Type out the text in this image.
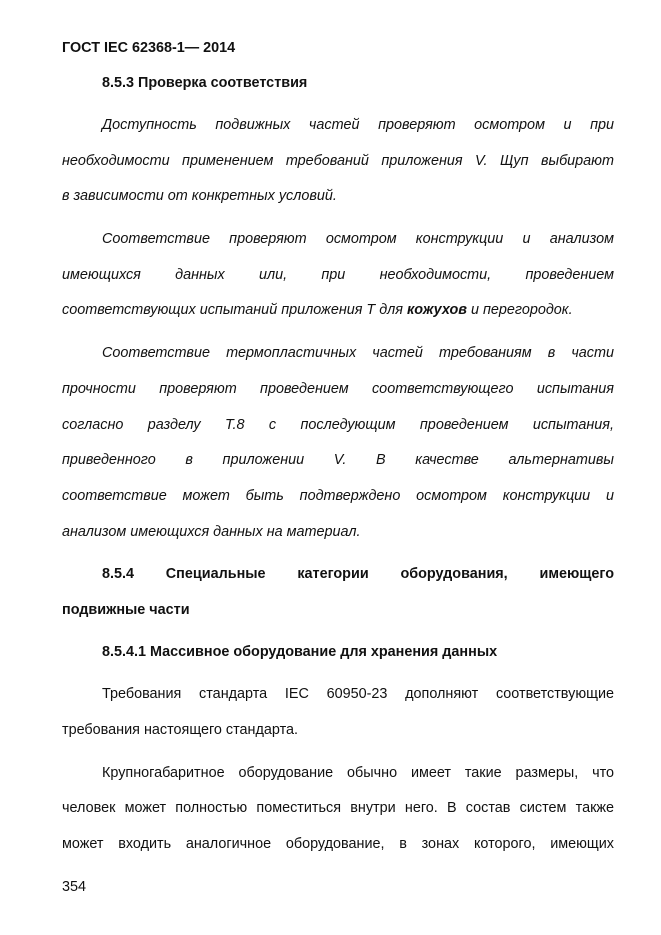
ГОСТ IEC 62368-1— 2014
8.5.3 Проверка соответствия
Доступность подвижных частей проверяют осмотром и при
необходимости применением требований приложения V. Щуп выбирают
в зависимости от конкретных условий.
Соответствие проверяют осмотром конструкции и анализом
имеющихся данных или, при необходимости, проведением
соответствующих испытаний приложения T для кожухов и перегородок.
Соответствие термопластичных частей требованиям в части
прочности проверяют проведением соответствующего испытания
согласно разделу T.8 с последующим проведением испытания,
приведенного в приложении V. В качестве альтернативы
соответствие может быть подтверждено осмотром конструкции и
анализом имеющихся данных на материал.
8.5.4 Специальные категории оборудования, имеющего
подвижные части
8.5.4.1 Массивное оборудование для хранения данных
Требования стандарта IEC 60950-23 дополняют соответствующие
требования настоящего стандарта.
Крупногабаритное оборудование обычно имеет такие размеры, что
человек может полностью поместиться внутри него. В состав систем также
может входить аналогичное оборудование, в зонах которого, имеющих
354
